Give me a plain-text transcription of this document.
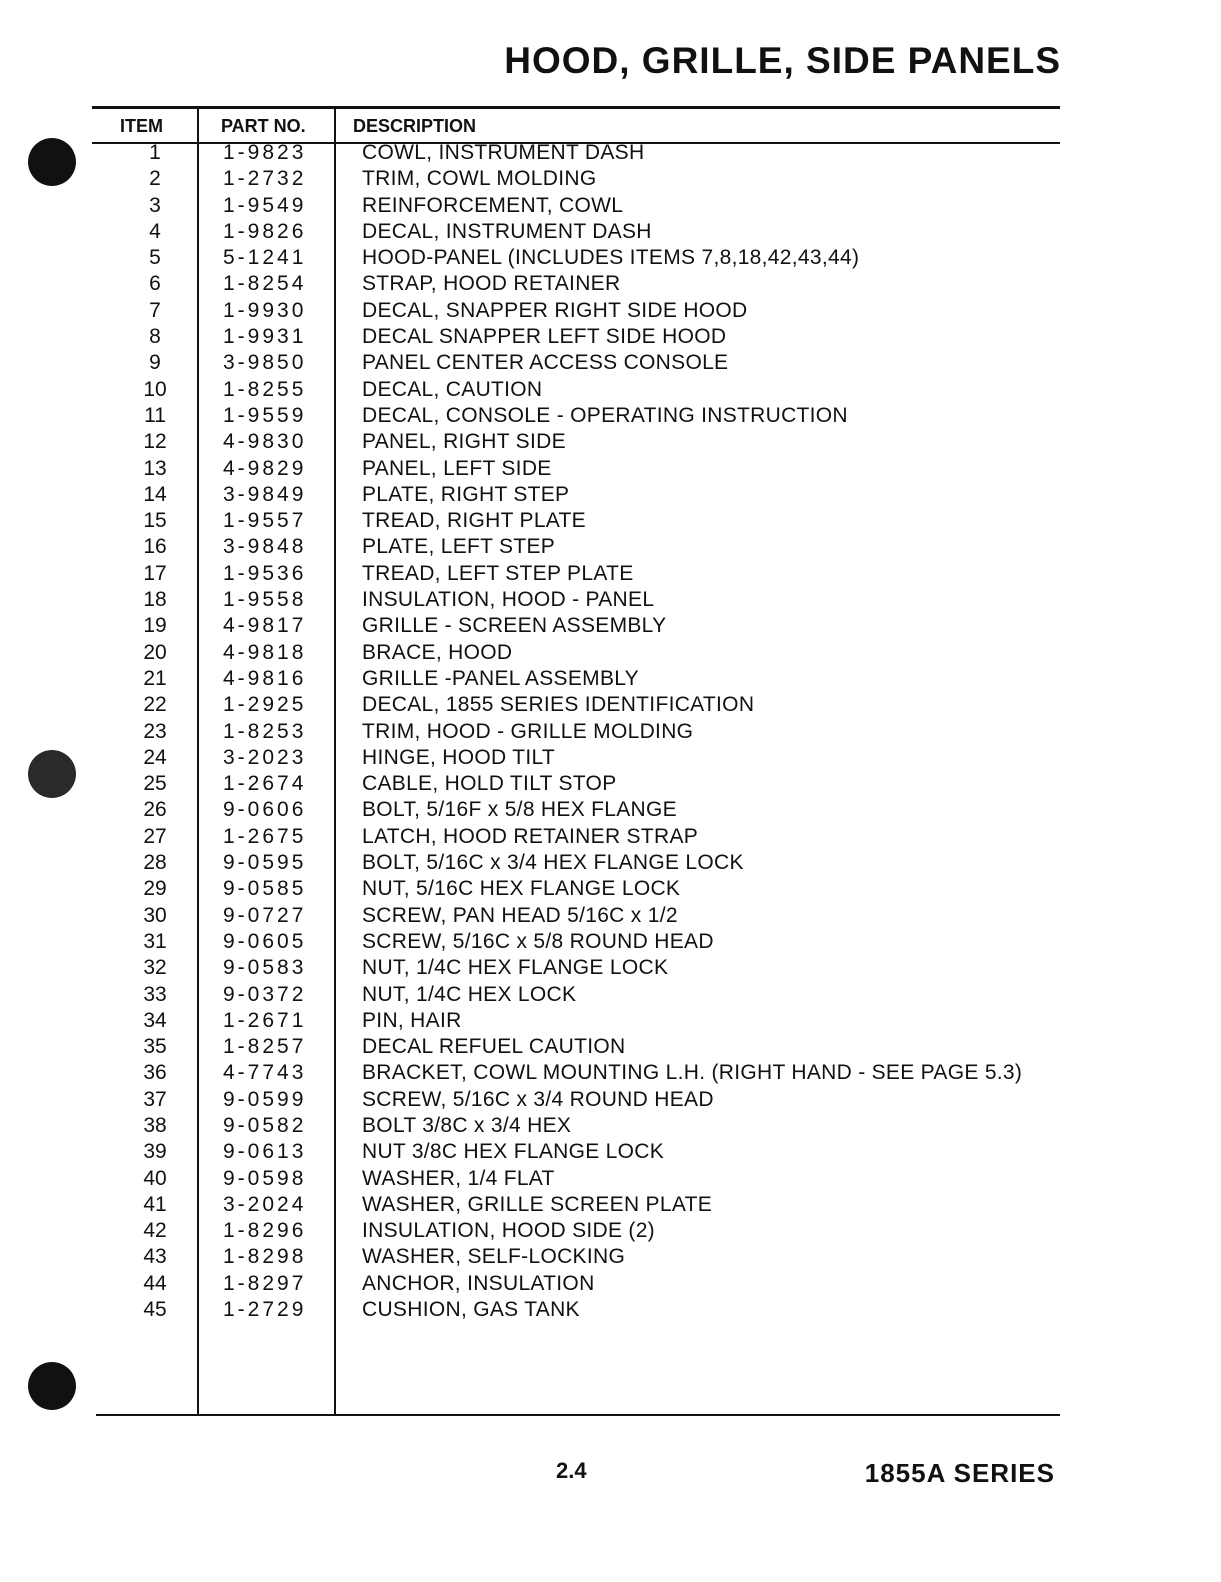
HOOD, GRILLE, SIDE PANELS
ITEM	PART NO.	DESCRIPTION
1	1-9823	COWL, INSTRUMENT DASH
2	1-2732	TRIM, COWL MOLDING
3	1-9549	REINFORCEMENT, COWL
4	1-9826	DECAL, INSTRUMENT DASH
5	5-1241	HOOD-PANEL (INCLUDES ITEMS 7,8,18,42,43,44)
6	1-8254	STRAP, HOOD RETAINER
7	1-9930	DECAL, SNAPPER RIGHT SIDE HOOD
8	1-9931	DECAL SNAPPER LEFT SIDE HOOD
9	3-9850	PANEL CENTER ACCESS CONSOLE
10	1-8255	DECAL, CAUTION
11	1-9559	DECAL, CONSOLE - OPERATING INSTRUCTION
12	4-9830	PANEL, RIGHT SIDE
13	4-9829	PANEL, LEFT SIDE
14	3-9849	PLATE, RIGHT STEP
15	1-9557	TREAD, RIGHT PLATE
16	3-9848	PLATE, LEFT STEP
17	1-9536	TREAD, LEFT STEP PLATE
18	1-9558	INSULATION, HOOD - PANEL
19	4-9817	GRILLE - SCREEN ASSEMBLY
20	4-9818	BRACE, HOOD
21	4-9816	GRILLE -PANEL ASSEMBLY
22	1-2925	DECAL, 1855 SERIES IDENTIFICATION
23	1-8253	TRIM, HOOD - GRILLE MOLDING
24	3-2023	HINGE, HOOD TILT
25	1-2674	CABLE, HOLD TILT STOP
26	9-0606	BOLT, 5/16F x 5/8 HEX FLANGE
27	1-2675	LATCH, HOOD RETAINER STRAP
28	9-0595	BOLT, 5/16C x 3/4 HEX FLANGE LOCK
29	9-0585	NUT, 5/16C HEX FLANGE LOCK
30	9-0727	SCREW, PAN HEAD 5/16C x 1/2
31	9-0605	SCREW, 5/16C x 5/8 ROUND HEAD
32	9-0583	NUT, 1/4C HEX FLANGE LOCK
33	9-0372	NUT, 1/4C HEX LOCK
34	1-2671	PIN, HAIR
35	1-8257	DECAL REFUEL CAUTION
36	4-7743	BRACKET, COWL MOUNTING L.H. (RIGHT HAND - SEE PAGE 5.3)
37	9-0599	SCREW, 5/16C x 3/4 ROUND HEAD
38	9-0582	BOLT 3/8C x 3/4 HEX
39	9-0613	NUT 3/8C HEX FLANGE LOCK
40	9-0598	WASHER, 1/4 FLAT
41	3-2024	WASHER, GRILLE SCREEN PLATE
42	1-8296	INSULATION, HOOD SIDE (2)
43	1-8298	WASHER, SELF-LOCKING
44	1-8297	ANCHOR, INSULATION
45	1-2729	CUSHION, GAS TANK
2.4	1855A SERIES
